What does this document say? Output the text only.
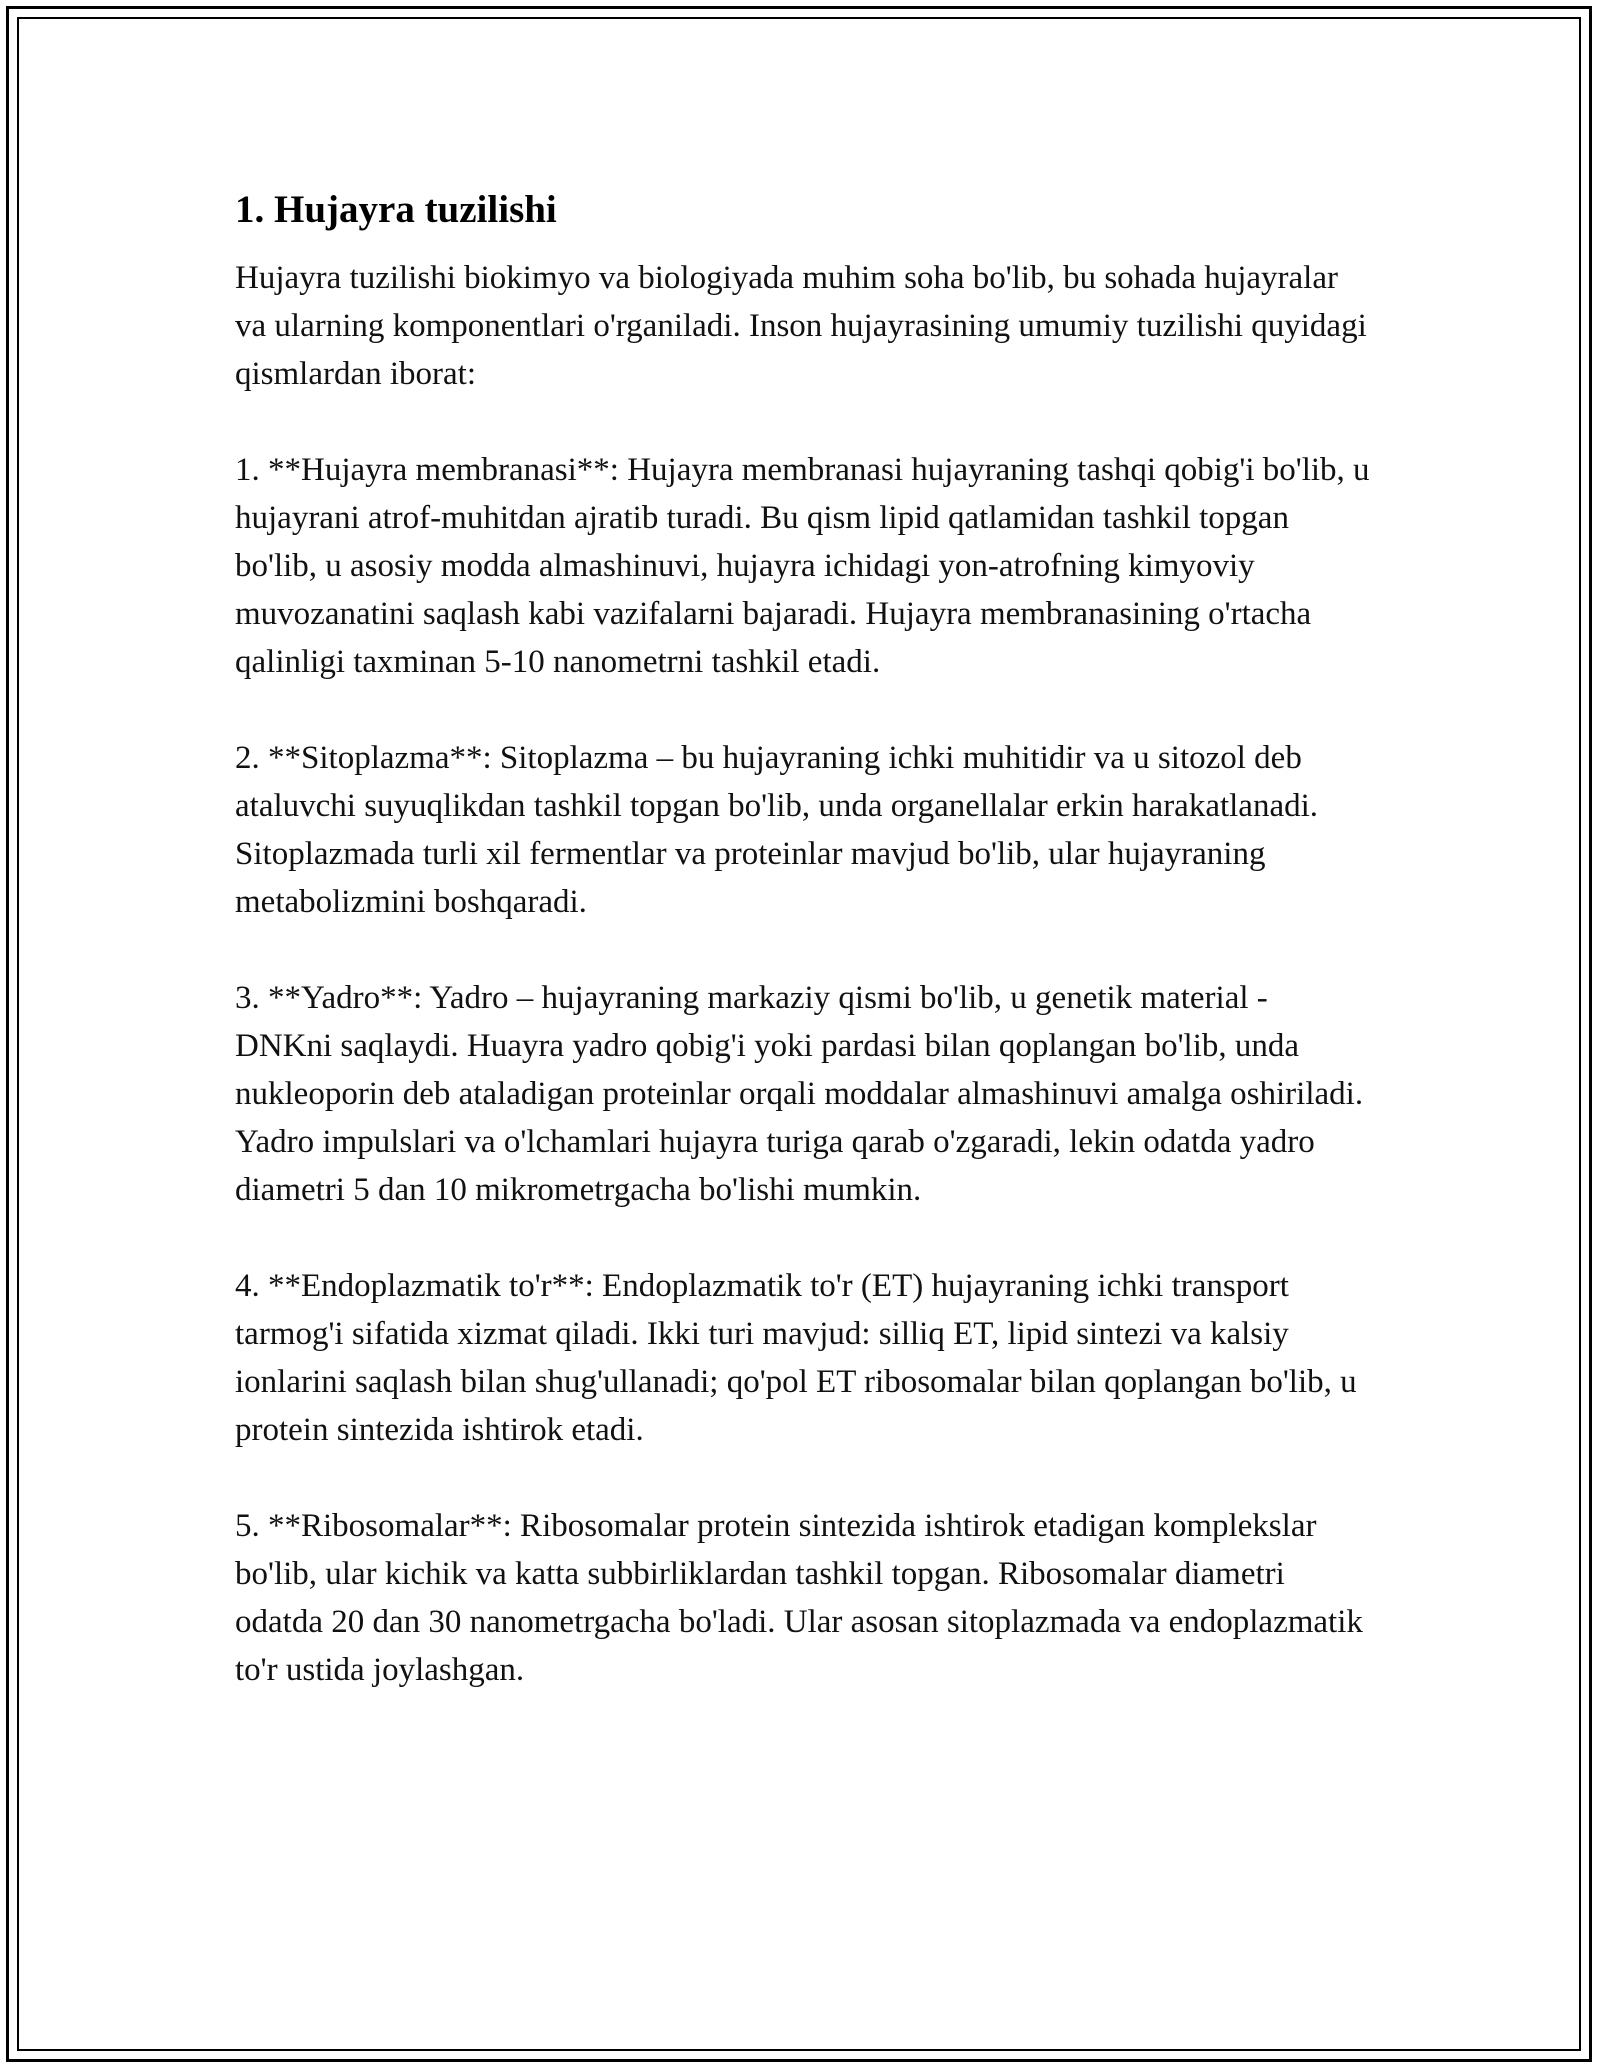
1. Hujayra tuzilishi

Hujayra tuzilishi biokimyo va biologiyada muhim soha bo'lib, bu sohada hujayralar va ularning komponentlari o'rganiladi. Inson hujayrasining umumiy tuzilishi quyidagi qismlardan iborat:

1. **Hujayra membranasi**: Hujayra membranasi hujayraning tashqi qobig'i bo'lib, u hujayrani atrof-muhitdan ajratib turadi. Bu qism lipid qatlamidan tashkil topgan bo'lib, u asosiy modda almashinuvi, hujayra ichidagi yon-atrofning kimyoviy muvozanatini saqlash kabi vazifalarni bajaradi. Hujayra membranasining o'rtacha qalinligi taxminan 5-10 nanometrni tashkil etadi.

2. **Sitoplazma**: Sitoplazma – bu hujayraning ichki muhitidir va u sitozol deb ataluvchi suyuqlikdan tashkil topgan bo'lib, unda organellalar erkin harakatlanadi. Sitoplazmada turli xil fermentlar va proteinlar mavjud bo'lib, ular hujayraning metabolizmini boshqaradi.

3. **Yadro**: Yadro – hujayraning markaziy qismi bo'lib, u genetik material - DNKni saqlaydi. Huayra yadro qobig'i yoki pardasi bilan qoplangan bo'lib, unda nukleoporin deb ataladigan proteinlar orqali moddalar almashinuvi amalga oshiriladi. Yadro impulslari va o'lchamlari hujayra turiga qarab o'zgaradi, lekin odatda yadro diametri 5 dan 10 mikrometrgacha bo'lishi mumkin.

4. **Endoplazmatik to'r**: Endoplazmatik to'r (ET) hujayraning ichki transport tarmog'i sifatida xizmat qiladi. Ikki turi mavjud: silliq ET, lipid sintezi va kalsiy ionlarini saqlash bilan shug'ullanadi; qo'pol ET ribosomalar bilan qoplangan bo'lib, u protein sintezida ishtirok etadi.

5. **Ribosomalar**: Ribosomalar protein sintezida ishtirok etadigan komplekslar bo'lib, ular kichik va katta subbirliklardan tashkil topgan. Ribosomalar diametri odatda 20 dan 30 nanometrgacha bo'ladi. Ular asosan sitoplazmada va endoplazmatik to'r ustida joylashgan.
